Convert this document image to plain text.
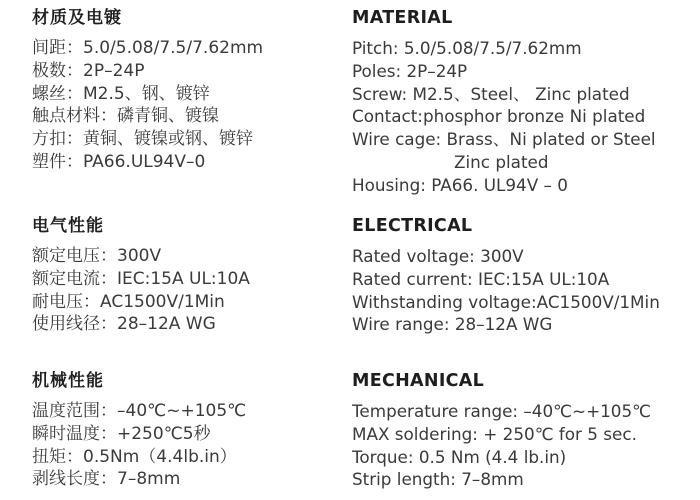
材质及电镀
间距：5.0/5.08/7.5/7.62mm
极数：2P–24P
螺丝：M2.5、钢、镀锌
触点材料：磷青铜、镀镍
方扣：黄铜、镀镍或钢、镀锌
塑件：PA66.UL94V–0
电气性能
额定电压：300V
额定电流：IEC:15A UL:10A
耐电压：AC1500V/1Min
使用线径：28–12A WG
机械性能
温度范围：–40℃~+105℃
瞬时温度：+250℃5秒
扭矩：0.5Nm（4.4lb.in）
剥线长度：7–8mm
MATERIAL
Pitch: 5.0/5.08/7.5/7.62mm
Poles: 2P–24P
Screw: M2.5、Steel、 Zinc plated
Contact:phosphor bronze Ni plated
Wire cage: Brass、Ni plated or Steel
Zinc plated
Housing: PA66. UL94V – 0
ELECTRICAL
Rated voltage: 300V
Rated current: IEC:15A UL:10A
Withstanding voltage:AC1500V/1Min
Wire range: 28–12A WG
MECHANICAL
Temperature range: –40℃~+105℃
MAX soldering: + 250℃ for 5 sec.
Torque: 0.5 Nm (4.4 lb.in)
Strip length: 7–8mm
